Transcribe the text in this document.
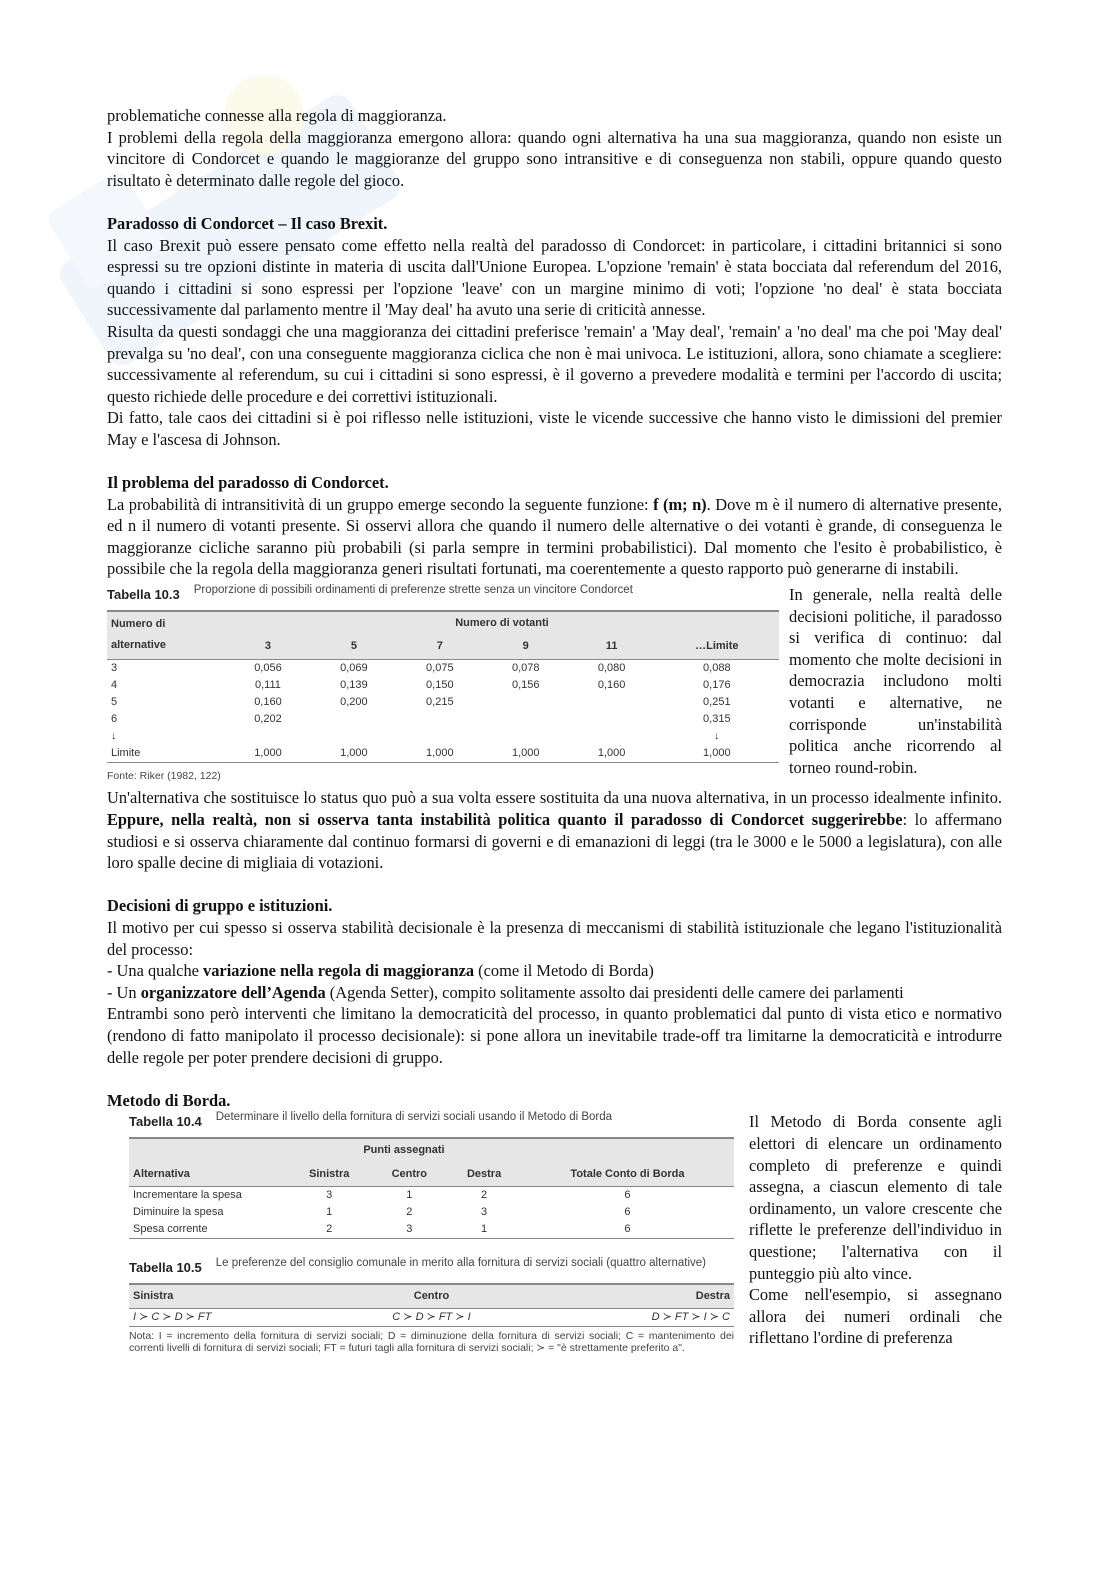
problematiche connesse alla regola di maggioranza.

I problemi della regola della maggioranza emergono allora: quando ogni alternativa ha una sua maggioranza, quando non esiste un vincitore di Condorcet e quando le maggioranze del gruppo sono intransitive e di conseguenza non stabili, oppure quando questo risultato è determinato dalle regole del gioco.

Paradosso di Condorcet – Il caso Brexit.

Il caso Brexit può essere pensato come effetto nella realtà del paradosso di Condorcet: in particolare, i cittadini britannici si sono espressi su tre opzioni distinte in materia di uscita dall'Unione Europea. L'opzione 'remain' è stata bocciata dal referendum del 2016, quando i cittadini si sono espressi per l'opzione 'leave' con un margine minimo di voti; l'opzione 'no deal' è stata bocciata successivamente dal parlamento mentre il 'May deal' ha avuto una serie di criticità annesse.

Risulta da questi sondaggi che una maggioranza dei cittadini preferisce 'remain' a 'May deal', 'remain' a 'no deal' ma che poi 'May deal' prevalga su 'no deal', con una conseguente maggioranza ciclica che non è mai univoca. Le istituzioni, allora, sono chiamate a scegliere: successivamente al referendum, su cui i cittadini si sono espressi, è il governo a prevedere modalità e termini per l'accordo di uscita; questo richiede delle procedure e dei correttivi istituzionali.

Di fatto, tale caos dei cittadini si è poi riflesso nelle istituzioni, viste le vicende successive che hanno visto le dimissioni del premier May e l'ascesa di Johnson.

Il problema del paradosso di Condorcet.

La probabilità di intransitività di un gruppo emerge secondo la seguente funzione: f (m; n). Dove m è il numero di alternative presente, ed n il numero di votanti presente. Si osservi allora che quando il numero delle alternative o dei votanti è grande, di conseguenza le maggioranze cicliche saranno più probabili (si parla sempre in termini probabilistici). Dal momento che l'esito è probabilistico, è possibile che la regola della maggioranza generi risultati fortunati, ma coerentemente a questo rapporto può generarne di instabili.

Tabella 10.3 Proporzione di possibili ordinamenti di preferenze strette senza un vincitore Condorcet
Numero di alternative	Numero di votanti					
	3	5	7	9	11	…Limite
3	0,056	0,069	0,075	0,078	0,080	0,088
4	0,111	0,139	0,150	0,156	0,160	0,176
5	0,160	0,200	0,215			0,251
6	0,202					0,315
↓						↓
Limite	1,000	1,000	1,000	1,000	1,000	1,000
Fonte: Riker (1982, 122)

In generale, nella realtà delle decisioni politiche, il paradosso si verifica di continuo: dal momento che molte decisioni in democrazia includono molti votanti e alternative, ne corrisponde un'instabilità politica anche ricorrendo al torneo round-robin.

Un'alternativa che sostituisce lo status quo può a sua volta essere sostituita da una nuova alternativa, in un processo idealmente infinito. Eppure, nella realtà, non si osserva tanta instabilità politica quanto il paradosso di Condorcet suggerirebbe: lo affermano studiosi e si osserva chiaramente dal continuo formarsi di governi e di emanazioni di leggi (tra le 3000 e le 5000 a legislatura), con alle loro spalle decine di migliaia di votazioni.

Decisioni di gruppo e istituzioni.

Il motivo per cui spesso si osserva stabilità decisionale è la presenza di meccanismi di stabilità istituzionale che legano l'istituzionalità del processo:

- Una qualche variazione nella regola di maggioranza (come il Metodo di Borda)

- Un organizzatore dell’Agenda (Agenda Setter), compito solitamente assolto dai presidenti delle camere dei parlamenti

Entrambi sono però interventi che limitano la democraticità del processo, in quanto problematici dal punto di vista etico e normativo (rendono di fatto manipolato il processo decisionale): si pone allora un inevitabile trade-off tra limitarne la democraticità e introdurre delle regole per poter prendere decisioni di gruppo.

Metodo di Borda.

Tabella 10.4 Determinare il livello della fornitura di servizi sociali usando il Metodo di Borda
	Punti assegnati			
Alternativa	Sinistra	Centro	Destra	Totale Conto di Borda
Incrementare la spesa	3	1	2	6
Diminuire la spesa	1	2	3	6
Spesa corrente	2	3	1	6
Tabella 10.5 Le preferenze del consiglio comunale in merito alla fornitura di servizi sociali (quattro alternative)
Sinistra	Centro	Destra
I ≻ C ≻ D ≻ FT	C ≻ D ≻ FT ≻ I	D ≻ FT ≻ I ≻ C
Nota: I = incremento della fornitura di servizi sociali; D = diminuzione della fornitura di servizi sociali; C = mantenimento dei correnti livelli di fornitura di servizi sociali; FT = futuri tagli alla fornitura di servizi sociali; ≻ = "è strettamente preferito a".

Il Metodo di Borda consente agli elettori di elencare un ordinamento completo di preferenze e quindi assegna, a ciascun elemento di tale ordinamento, un valore crescente che riflette le preferenze dell'individuo in questione; l'alternativa con il punteggio più alto vince.

Come nell'esempio, si assegnano allora dei numeri ordinali che riflettano l'ordine di preferenza
